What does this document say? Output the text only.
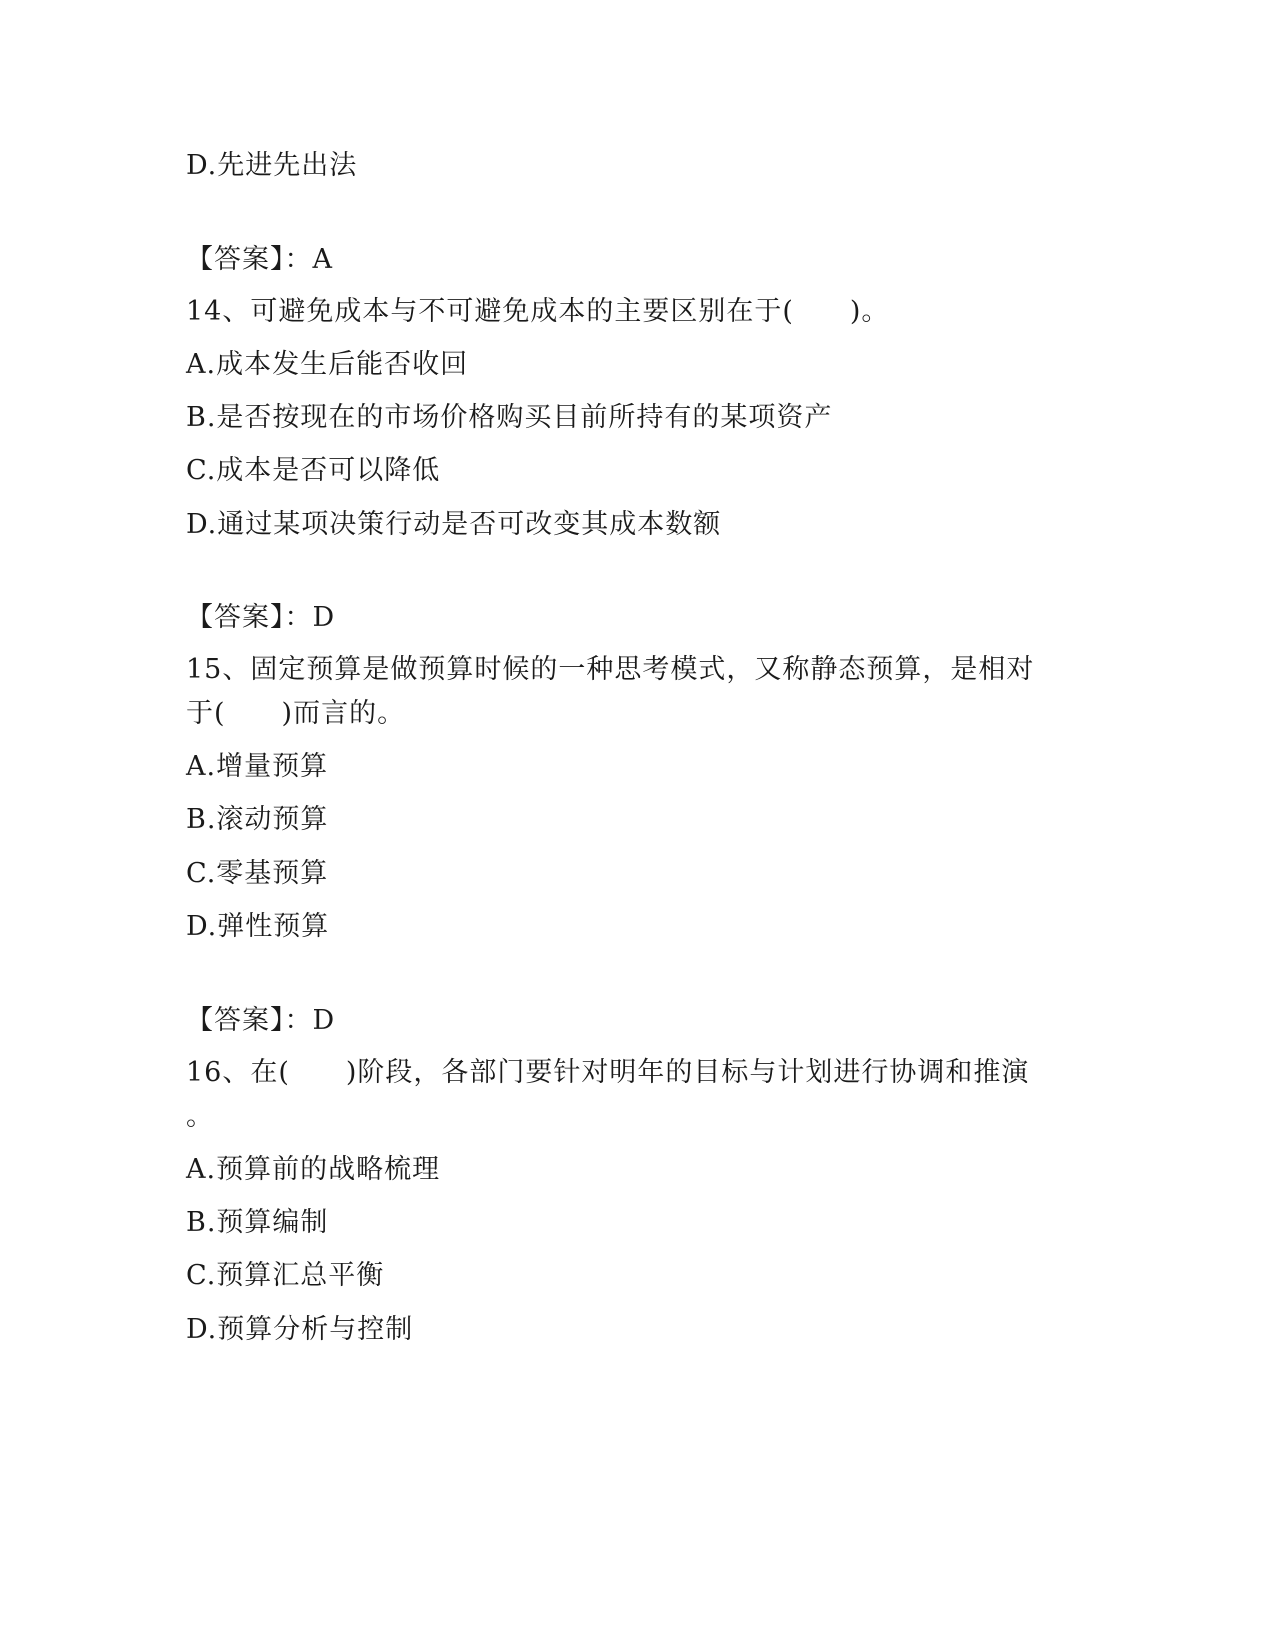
D.先进先出法
【答案】：A
14、可避免成本与不可避免成本的主要区别在于(　　)。
A.成本发生后能否收回
B.是否按现在的市场价格购买目前所持有的某项资产
C.成本是否可以降低
D.通过某项决策行动是否可改变其成本数额
【答案】：D
15、固定预算是做预算时候的一种思考模式，又称静态预算，是相对
于(　　)而言的。
A.增量预算
B.滚动预算
C.零基预算
D.弹性预算
【答案】：D
16、在(　　)阶段，各部门要针对明年的目标与计划进行协调和推演
。
A.预算前的战略梳理
B.预算编制
C.预算汇总平衡
D.预算分析与控制
